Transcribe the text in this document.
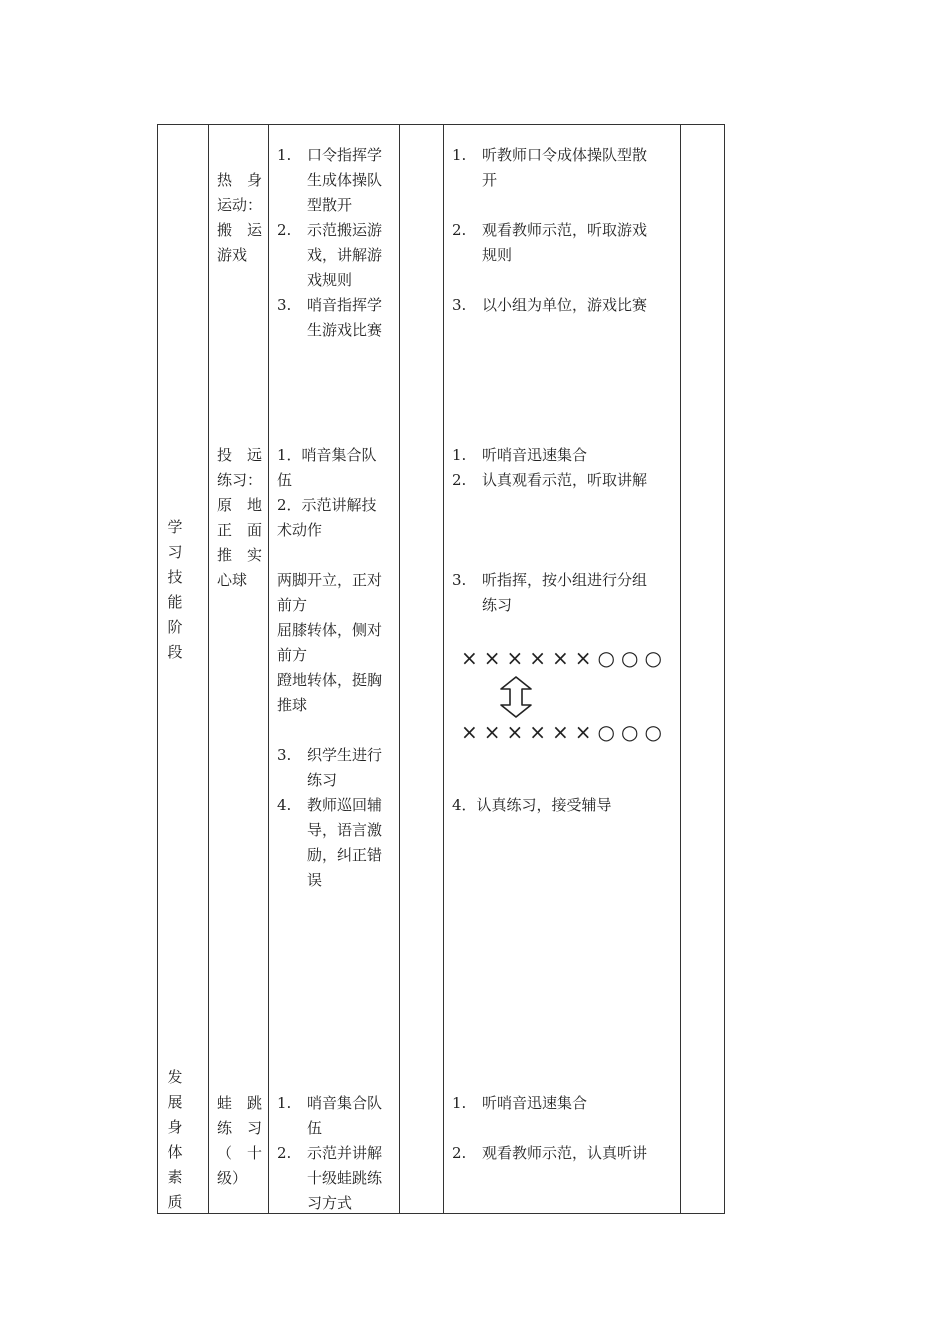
学习技能阶段
发展身体素质
热　身
运动：
搬　运
游戏
1. 口令指挥学
生成体操队
型散开
2. 示范搬运游
戏，讲解游
戏规则
3. 哨音指挥学
生游戏比赛
1. 听教师口令成体操队型散
开
2. 观看教师示范，听取游戏
规则
3. 以小组为单位，游戏比赛
投　远
练习：
原　地
正　面
推　实
心球
1．哨音集合队
伍
2．示范讲解技
术动作
两脚开立，正对
前方
屈膝转体，侧对
前方
蹬地转体，挺胸
推球
3. 织学生进行
练习
4. 教师巡回辅
导，语言激
励，纠正错
误
1. 听哨音迅速集合
2. 认真观看示范，听取讲解
3. 听指挥，按小组进行分组
练习
××××××○○○
××××××○○○
4．认真练习，接受辅导
蛙　跳
练　习
（　十
级）
1. 哨音集合队
伍
2. 示范并讲解
十级蛙跳练
习方式
1. 听哨音迅速集合
2. 观看教师示范，认真听讲
